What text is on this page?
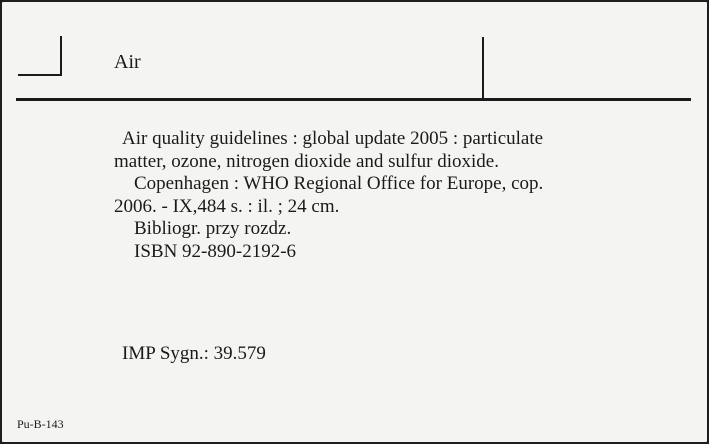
Air
Air quality guidelines : global update 2005 : particulate
matter, ozone, nitrogen dioxide and sulfur dioxide.
Copenhagen : WHO Regional Office for Europe, cop.
2006. - IX,484 s. : il. ; 24 cm.
Bibliogr. przy rozdz.
ISBN 92-890-2192-6
IMP Sygn.: 39.579
Pu-B-143
